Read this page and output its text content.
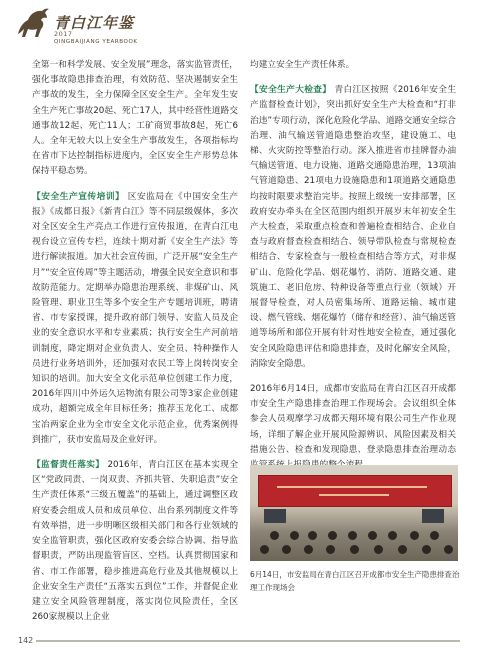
青白江年鉴
2017
QINGBAIJIANG YEARBOOK

全第一和科学发展、安全发展”理念，落实监管责任，强化事故隐患排查治理，有效防范、坚决遏制安全生产事故的发生，全力保障全区安全生产。全年发生安全生产死亡事故20起、死亡17人，其中经营性道路交通事故12起、死亡11人；工矿商贸事故8起，死亡6人。全年无较大以上安全生产事故发生，各项指标均在省市下达控制指标进度内，全区安全生产形势总体保持平稳态势。

【安全生产宣传培训】 区安监局在《中国安全生产报》《成都日报》《新青白江》等不同层级媒体，多次对全区安全生产亮点工作进行宣传报道，在青白江电视台设立宣传专栏，连续十期对新《安全生产法》等进行解读报道。加大社会宣传面，广泛开展“安全生产月”“安全宣传周”等主题活动，增强全民安全意识和事故防范能力。定期举办隐患治理系统、非煤矿山、风险管理、职业卫生等多个安全生产专题培训班，聘请省、市专家授课，提升政府部门领导、安监人员及企业的安全意识水平和专业素质；执行安全生产河前培训制度，降定期对企业负责人、安全员、特种操作人员进行业务培训外，还加强对农民工等上岗转岗安全知识的培训。加大安全文化示范单位创建工作力度，2016年四川中外运久运物流有限公司等3家企业创建成功，超额完成全年目标任务；推荐玉龙化工、成都宝冶两家企业为全市安全文化示范企业，优秀案例得到推广，获市安监局及企业好评。

【监督责任落实】 2016年，青白江区在基本实现全区“党政同责、一岗双责、齐抓共管、失职追责”安全生产责任体系“三级五覆盖”的基础上，通过调整区政府安委会组成人员和成员单位、出台系列制度文件等有效举措，进一步明晰区级相关部门和各行业领域的安全监管职责，强化区政府安委会综合协调、指导监督职责，严防出现监管盲区、空档。认真贯彻国家和省、市工作部署，稳步推进高危行业及其他规模以上企业安全生产责任“五落实五到位”工作，并督促企业建立安全风险管理制度，落实岗位风险责任，全区260家规模以上企业

均建立安全生产责任体系。

【安全生产大检查】 青白江区按照《2016年安全生产监督检查计划》，突出抓好安全生产大检查和“打非治违”专项行动，深化危险化学品、道路交通安全综合治理、油气输送管道隐患整治攻坚，建设施工、电梯、火灾防控等整治行动。深入推进省市挂牌督办油气输送管道、电力设施、道路交通隐患治理，13项油气管道隐患、21项电力设施隐患和1项道路交通隐患均按时限要求整治完毕。按照上级统一安排部署，区政府安办牵头在全区范围内组织开展岁末年初安全生产大检查，采取重点检查和普遍检查相结合、企业自查与政府督查检查相结合、领导带队检查与常规检查相结合、专家检查与一般检查相结合等方式，对非煤矿山、危险化学品、烟花爆竹、消防、道路交通、建筑施工、老旧危房、特种设备等重点行业（领域）开展督导检查，对人员密集场所、道路运输、城市建设、燃气管线、烟花爆竹（储存和经营）、油气输送管道等场所和部位开展有针对性地安全检查，通过强化安全风险隐患评估和隐患排查，及时化解安全风险，消除安全隐患。

2016年6月14日，成都市安监局在青白江区召开成都市安全生产隐患排查治理工作现场会。会议组织全体参会人员观摩学习成都天翔环境有限公司生产作业现场，详细了解企业开展风险源辨识、风险因素及相关措施公告、检查和发现隐患、登录隐患排查治理动态

6月14日，市安监局在青白江区召开成都市安全生产隐患排查治理工作现场会
142
